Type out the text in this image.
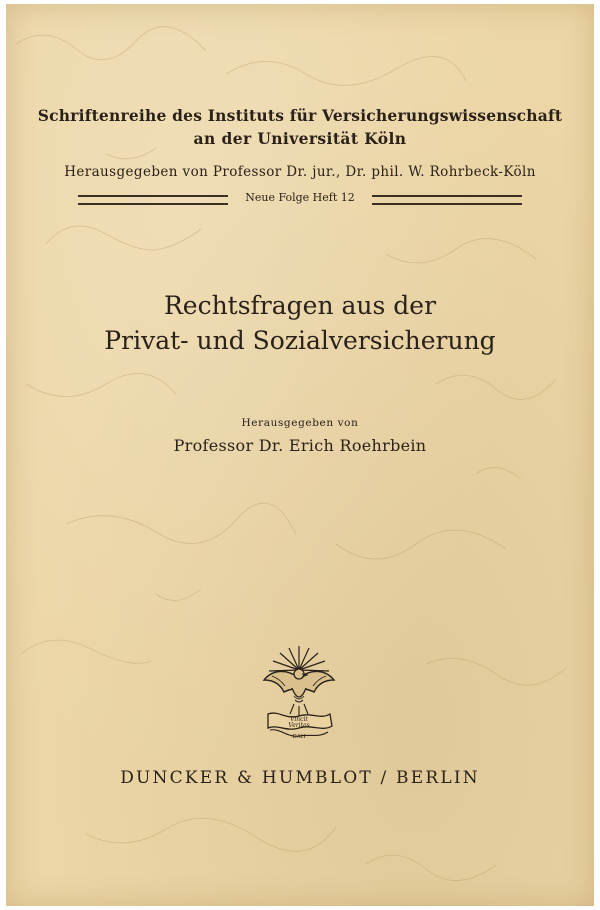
Schriftenreihe des Instituts für Versicherungswissenschaft
an der Universität Köln
Herausgegeben von Professor Dr. jur., Dr. phil. W. Rohrbeck-Köln
Neue Folge Heft 12
Rechtsfragen aus der
Privat- und Sozialversicherung
Herausgegeben von
Professor Dr. Erich Roehrbein
Vincit
Veritas
DAH
DUNCKER & HUMBLOT / BERLIN
